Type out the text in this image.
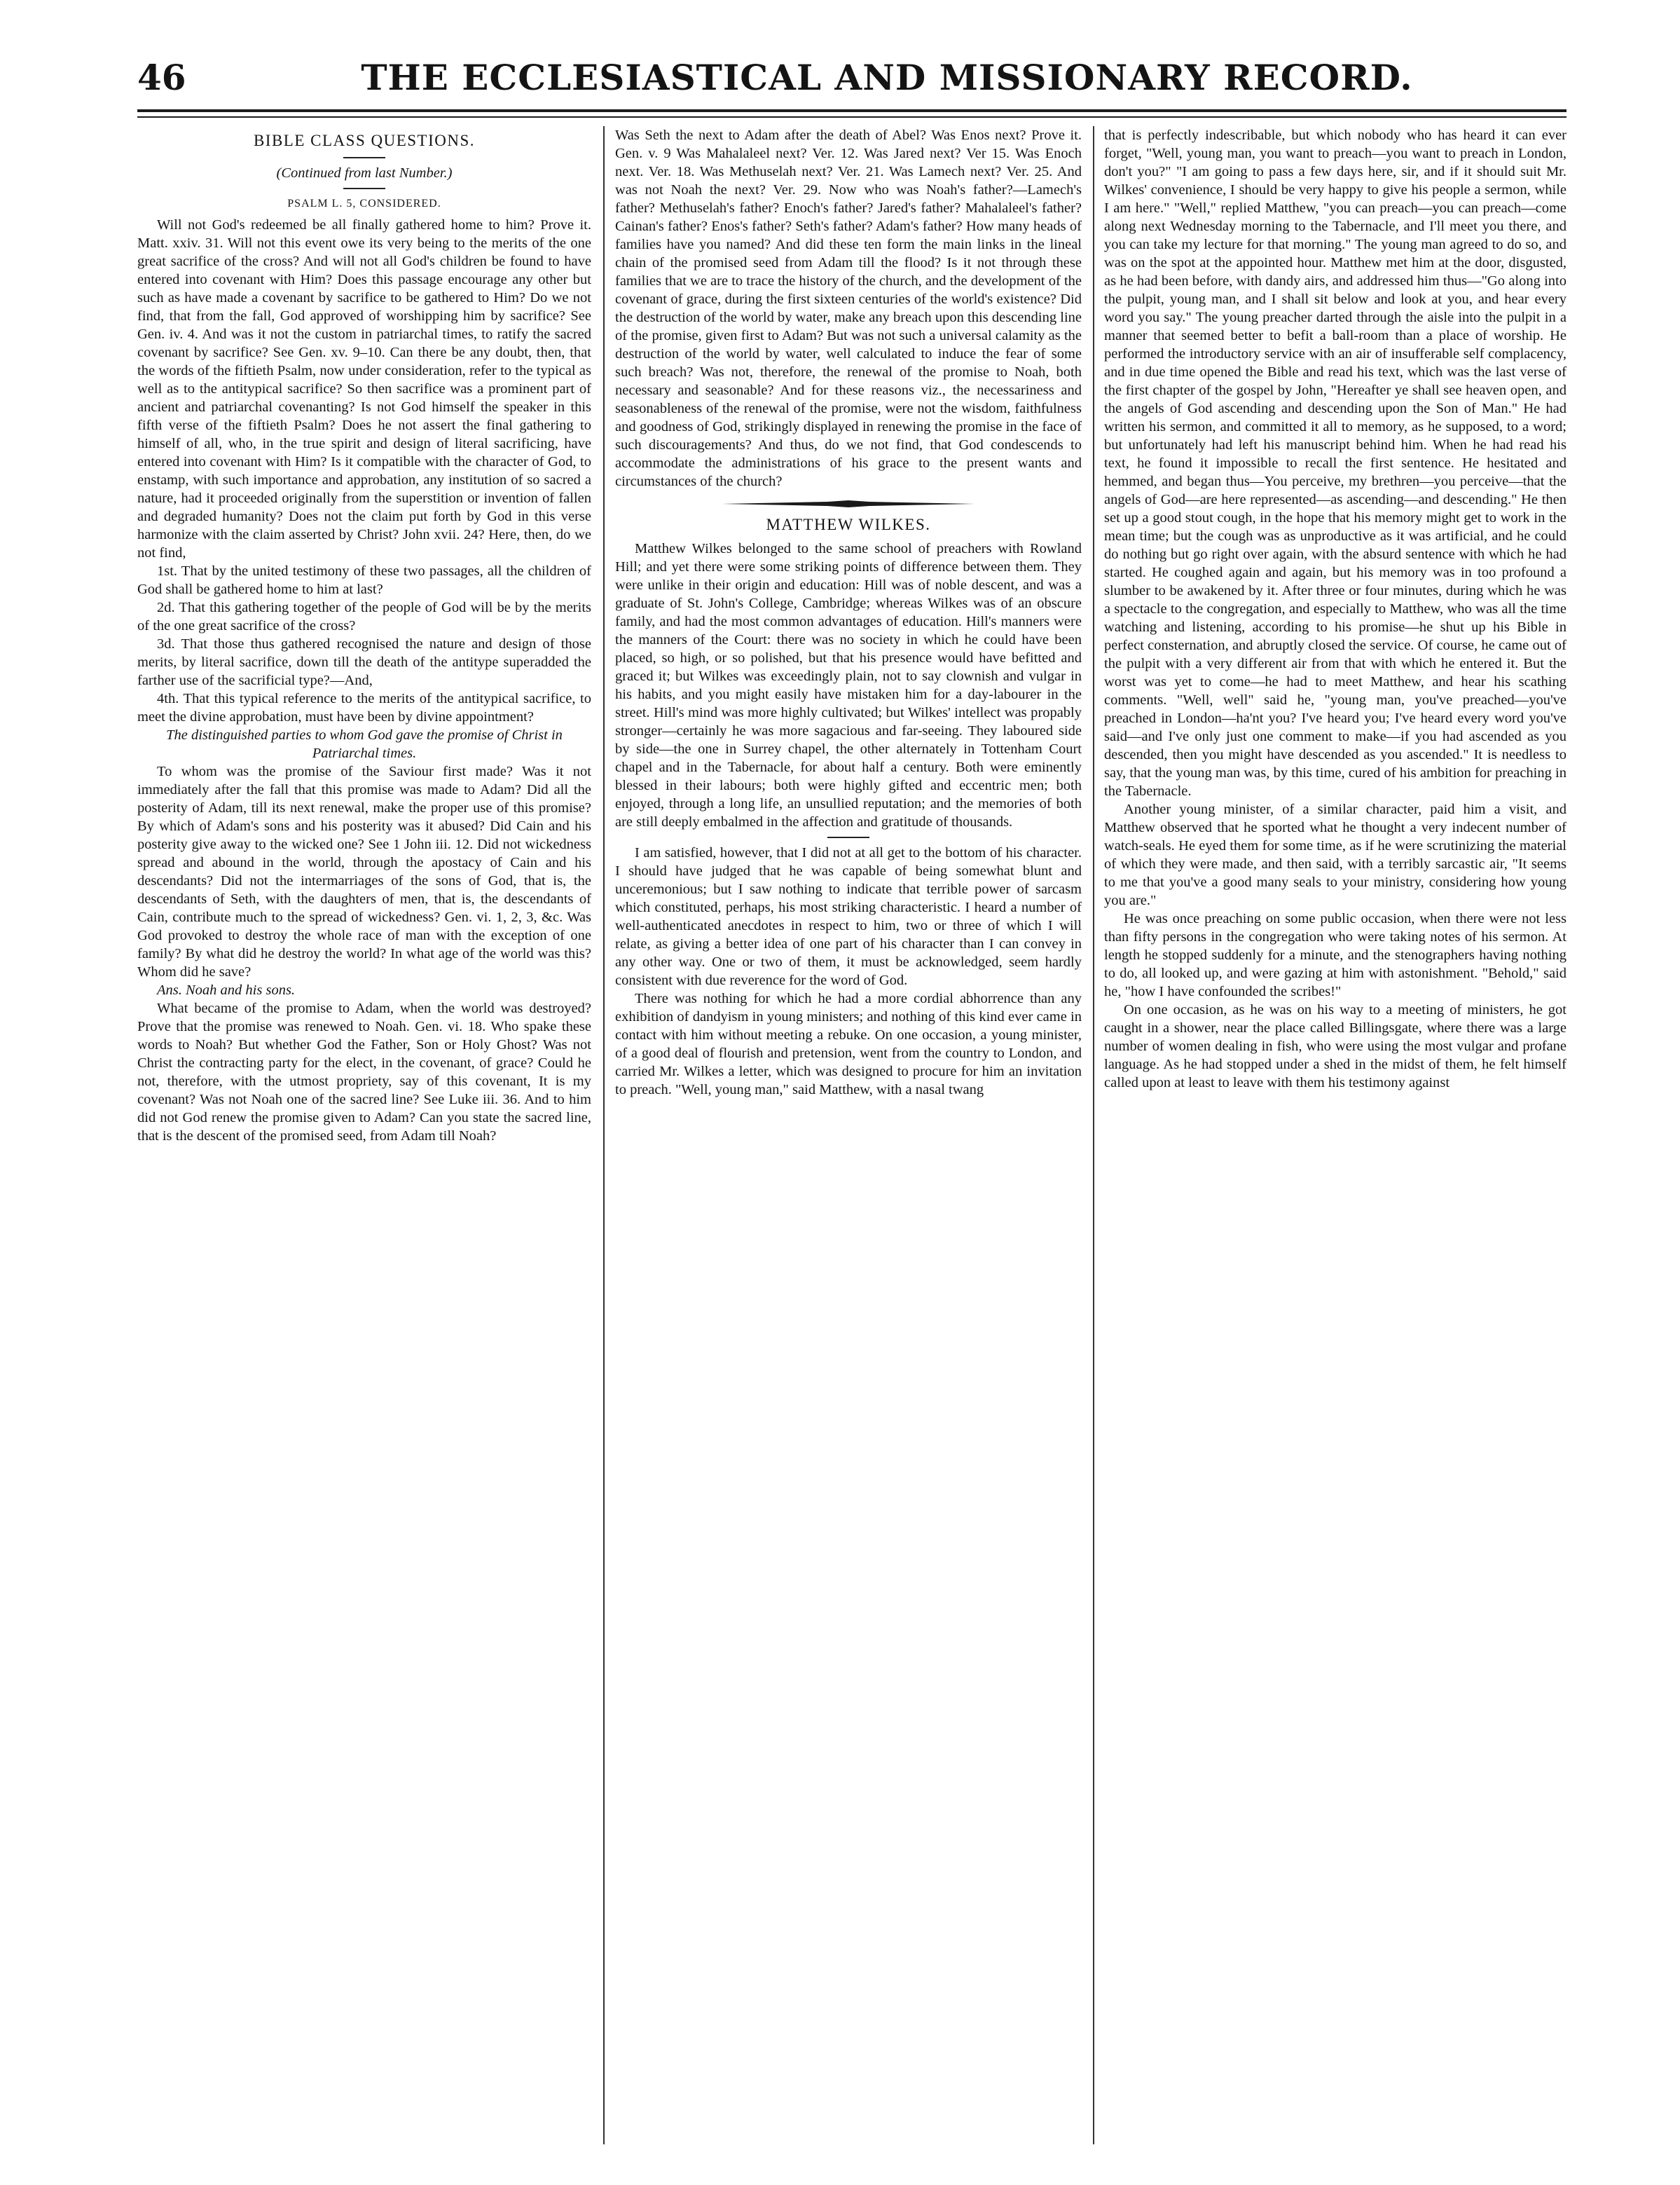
46	THE ECCLESIASTICAL AND MISSIONARY RECORD.
BIBLE CLASS QUESTIONS.
(Continued from last Number.)
PSALM L. 5, CONSIDERED.

Will not God's redeemed be all finally gathered home to him? Prove it. Matt. xxiv. 31. Will not this event owe its very being to the merits of the one great sacrifice of the cross? And will not all God's children be found to have entered into covenant with Him? Does this passage encourage any other but such as have made a covenant by sacrifice to be gathered to Him? Do we not find, that from the fall, God approved of worshipping him by sacrifice? See Gen. iv. 4. And was it not the custom in patriarchal times, to ratify the sacred covenant by sacrifice? See Gen. xv. 9–10. Can there be any doubt, then, that the words of the fiftieth Psalm, now under consideration, refer to the typical as well as to the antitypical sacrifice? So then sacrifice was a prominent part of ancient and patriarchal covenanting? Is not God himself the speaker in this fifth verse of the fiftieth Psalm? Does he not assert the final gathering to himself of all, who, in the true spirit and design of literal sacrificing, have entered into covenant with Him? Is it compatible with the character of God, to enstamp, with such importance and approbation, any institution of so sacred a nature, had it proceeded originally from the superstition or invention of fallen and degraded humanity? Does not the claim put forth by God in this verse harmonize with the claim asserted by Christ? John xvii. 24? Here, then, do we not find,

1st. That by the united testimony of these two passages, all the children of God shall be gathered home to him at last?

2d. That this gathering together of the people of God will be by the merits of the one great sacrifice of the cross?

3d. That those thus gathered recognised the nature and design of those merits, by literal sacrifice, down till the death of the antitype superadded the farther use of the sacrificial type?—And,

4th. That this typical reference to the merits of the antitypical sacrifice, to meet the divine approbation, must have been by divine appointment?

The distinguished parties to whom God gave the promise of Christ in Patriarchal times.

To whom was the promise of the Saviour first made? Was it not immediately after the fall that this promise was made to Adam? Did all the posterity of Adam, till its next renewal, make the proper use of this promise? By which of Adam's sons and his posterity was it abused? Did Cain and his posterity give away to the wicked one? See 1 John iii. 12. Did not wickedness spread and abound in the world, through the apostacy of Cain and his descendants? Did not the intermarriages of the sons of God, that is, the descendants of Seth, with the daughters of men, that is, the descendants of Cain, contribute much to the spread of wickedness? Gen. vi. 1, 2, 3, &c. Was God provoked to destroy the whole race of man with the exception of one family? By what did he destroy the world? In what age of the world was this? Whom did he save?

Ans. Noah and his sons.

What became of the promise to Adam, when the world was destroyed? Prove that the promise was renewed to Noah. Gen. vi. 18. Who spake these words to Noah? But whether God the Father, Son or Holy Ghost? Was not Christ the contracting party for the elect, in the covenant, of grace? Could he not, therefore, with the utmost propriety, say of this covenant, It is my covenant? Was not Noah one of the sacred line? See Luke iii. 36. And to him did not God renew the promise given to Adam? Can you state the sacred line, that is the descent of the promised seed, from Adam till Noah?

Was Seth the next to Adam after the death of Abel? Was Enos next? Prove it. Gen. v. 9 Was Mahalaleel next? Ver. 12. Was Jared next? Ver 15. Was Enoch next. Ver. 18. Was Methuselah next? Ver. 21. Was Lamech next? Ver. 25. And was not Noah the next? Ver. 29. Now who was Noah's father?—Lamech's father? Methuselah's father? Enoch's father? Jared's father? Mahalaleel's father? Cainan's father? Enos's father? Seth's father? Adam's father? How many heads of families have you named? And did these ten form the main links in the lineal chain of the promised seed from Adam till the flood? Is it not through these families that we are to trace the history of the church, and the development of the covenant of grace, during the first sixteen centuries of the world's existence? Did the destruction of the world by water, make any breach upon this descending line of the promise, given first to Adam? But was not such a universal calamity as the destruction of the world by water, well calculated to induce the fear of some such breach? Was not, therefore, the renewal of the promise to Noah, both necessary and seasonable? And for these reasons viz., the necessariness and seasonableness of the renewal of the promise, were not the wisdom, faithfulness and goodness of God, strikingly displayed in renewing the promise in the face of such discouragements? And thus, do we not find, that God condescends to accommodate the administrations of his grace to the present wants and circumstances of the church?

MATTHEW WILKES.

Matthew Wilkes belonged to the same school of preachers with Rowland Hill; and yet there were some striking points of difference between them. They were unlike in their origin and education: Hill was of noble descent, and was a graduate of St. John's College, Cambridge; whereas Wilkes was of an obscure family, and had the most common advantages of education. Hill's manners were the manners of the Court: there was no society in which he could have been placed, so high, or so polished, but that his presence would have befitted and graced it; but Wilkes was exceedingly plain, not to say clownish and vulgar in his habits, and you might easily have mistaken him for a day-labourer in the street. Hill's mind was more highly cultivated; but Wilkes' intellect was propably stronger—certainly he was more sagacious and far-seeing. They laboured side by side—the one in Surrey chapel, the other alternately in Tottenham Court chapel and in the Tabernacle, for about half a century. Both were eminently blessed in their labours; both were highly gifted and eccentric men; both enjoyed, through a long life, an unsullied reputation; and the memories of both are still deeply embalmed in the affection and gratitude of thousands.

I am satisfied, however, that I did not at all get to the bottom of his character. I should have judged that he was capable of being somewhat blunt and unceremonious; but I saw nothing to indicate that terrible power of sarcasm which constituted, perhaps, his most striking characteristic. I heard a number of well-authenticated anecdotes in respect to him, two or three of which I will relate, as giving a better idea of one part of his character than I can convey in any other way. One or two of them, it must be acknowledged, seem hardly consistent with due reverence for the word of God.

There was nothing for which he had a more cordial abhorrence than any exhibition of dandyism in young ministers; and nothing of this kind ever came in contact with him without meeting a rebuke. On one occasion, a young minister, of a good deal of flourish and pretension, went from the country to London, and carried Mr. Wilkes a letter, which was designed to procure for him an invitation to preach. "Well, young man," said Matthew, with a nasal twang

that is perfectly indescribable, but which nobody who has heard it can ever forget, "Well, young man, you want to preach—you want to preach in London, don't you?" "I am going to pass a few days here, sir, and if it should suit Mr. Wilkes' convenience, I should be very happy to give his people a sermon, while I am here." "Well," replied Matthew, "you can preach—you can preach—come along next Wednesday morning to the Tabernacle, and I'll meet you there, and you can take my lecture for that morning." The young man agreed to do so, and was on the spot at the appointed hour. Matthew met him at the door, disgusted, as he had been before, with dandy airs, and addressed him thus—"Go along into the pulpit, young man, and I shall sit below and look at you, and hear every word you say." The young preacher darted through the aisle into the pulpit in a manner that seemed better to befit a ball-room than a place of worship. He performed the introductory service with an air of insufferable self complacency, and in due time opened the Bible and read his text, which was the last verse of the first chapter of the gospel by John, "Hereafter ye shall see heaven open, and the angels of God ascending and descending upon the Son of Man." He had written his sermon, and committed it all to memory, as he supposed, to a word; but unfortunately had left his manuscript behind him. When he had read his text, he found it impossible to recall the first sentence. He hesitated and hemmed, and began thus—You perceive, my brethren—you perceive—that the angels of God—are here represented—as ascending—and descending." He then set up a good stout cough, in the hope that his memory might get to work in the mean time; but the cough was as unproductive as it was artificial, and he could do nothing but go right over again, with the absurd sentence with which he had started. He coughed again and again, but his memory was in too profound a slumber to be awakened by it. After three or four minutes, during which he was a spectacle to the congregation, and especially to Matthew, who was all the time watching and listening, according to his promise—he shut up his Bible in perfect consternation, and abruptly closed the service. Of course, he came out of the pulpit with a very different air from that with which he entered it. But the worst was yet to come—he had to meet Matthew, and hear his scathing comments. "Well, well" said he, "young man, you've preached—you've preached in London—ha'nt you? I've heard you; I've heard every word you've said—and I've only just one comment to make—if you had ascended as you descended, then you might have descended as you ascended." It is needless to say, that the young man was, by this time, cured of his ambition for preaching in the Tabernacle.

Another young minister, of a similar character, paid him a visit, and Matthew observed that he sported what he thought a very indecent number of watch-seals. He eyed them for some time, as if he were scrutinizing the material of which they were made, and then said, with a terribly sarcastic air, "It seems to me that you've a good many seals to your ministry, considering how young you are."

He was once preaching on some public occasion, when there were not less than fifty persons in the congregation who were taking notes of his sermon. At length he stopped suddenly for a minute, and the stenographers having nothing to do, all looked up, and were gazing at him with astonishment. "Behold," said he, "how I have confounded the scribes!"

On one occasion, as he was on his way to a meeting of ministers, he got caught in a shower, near the place called Billingsgate, where there was a large number of women dealing in fish, who were using the most vulgar and profane language. As he had stopped under a shed in the midst of them, he felt himself called upon at least to leave with them his testimony against
